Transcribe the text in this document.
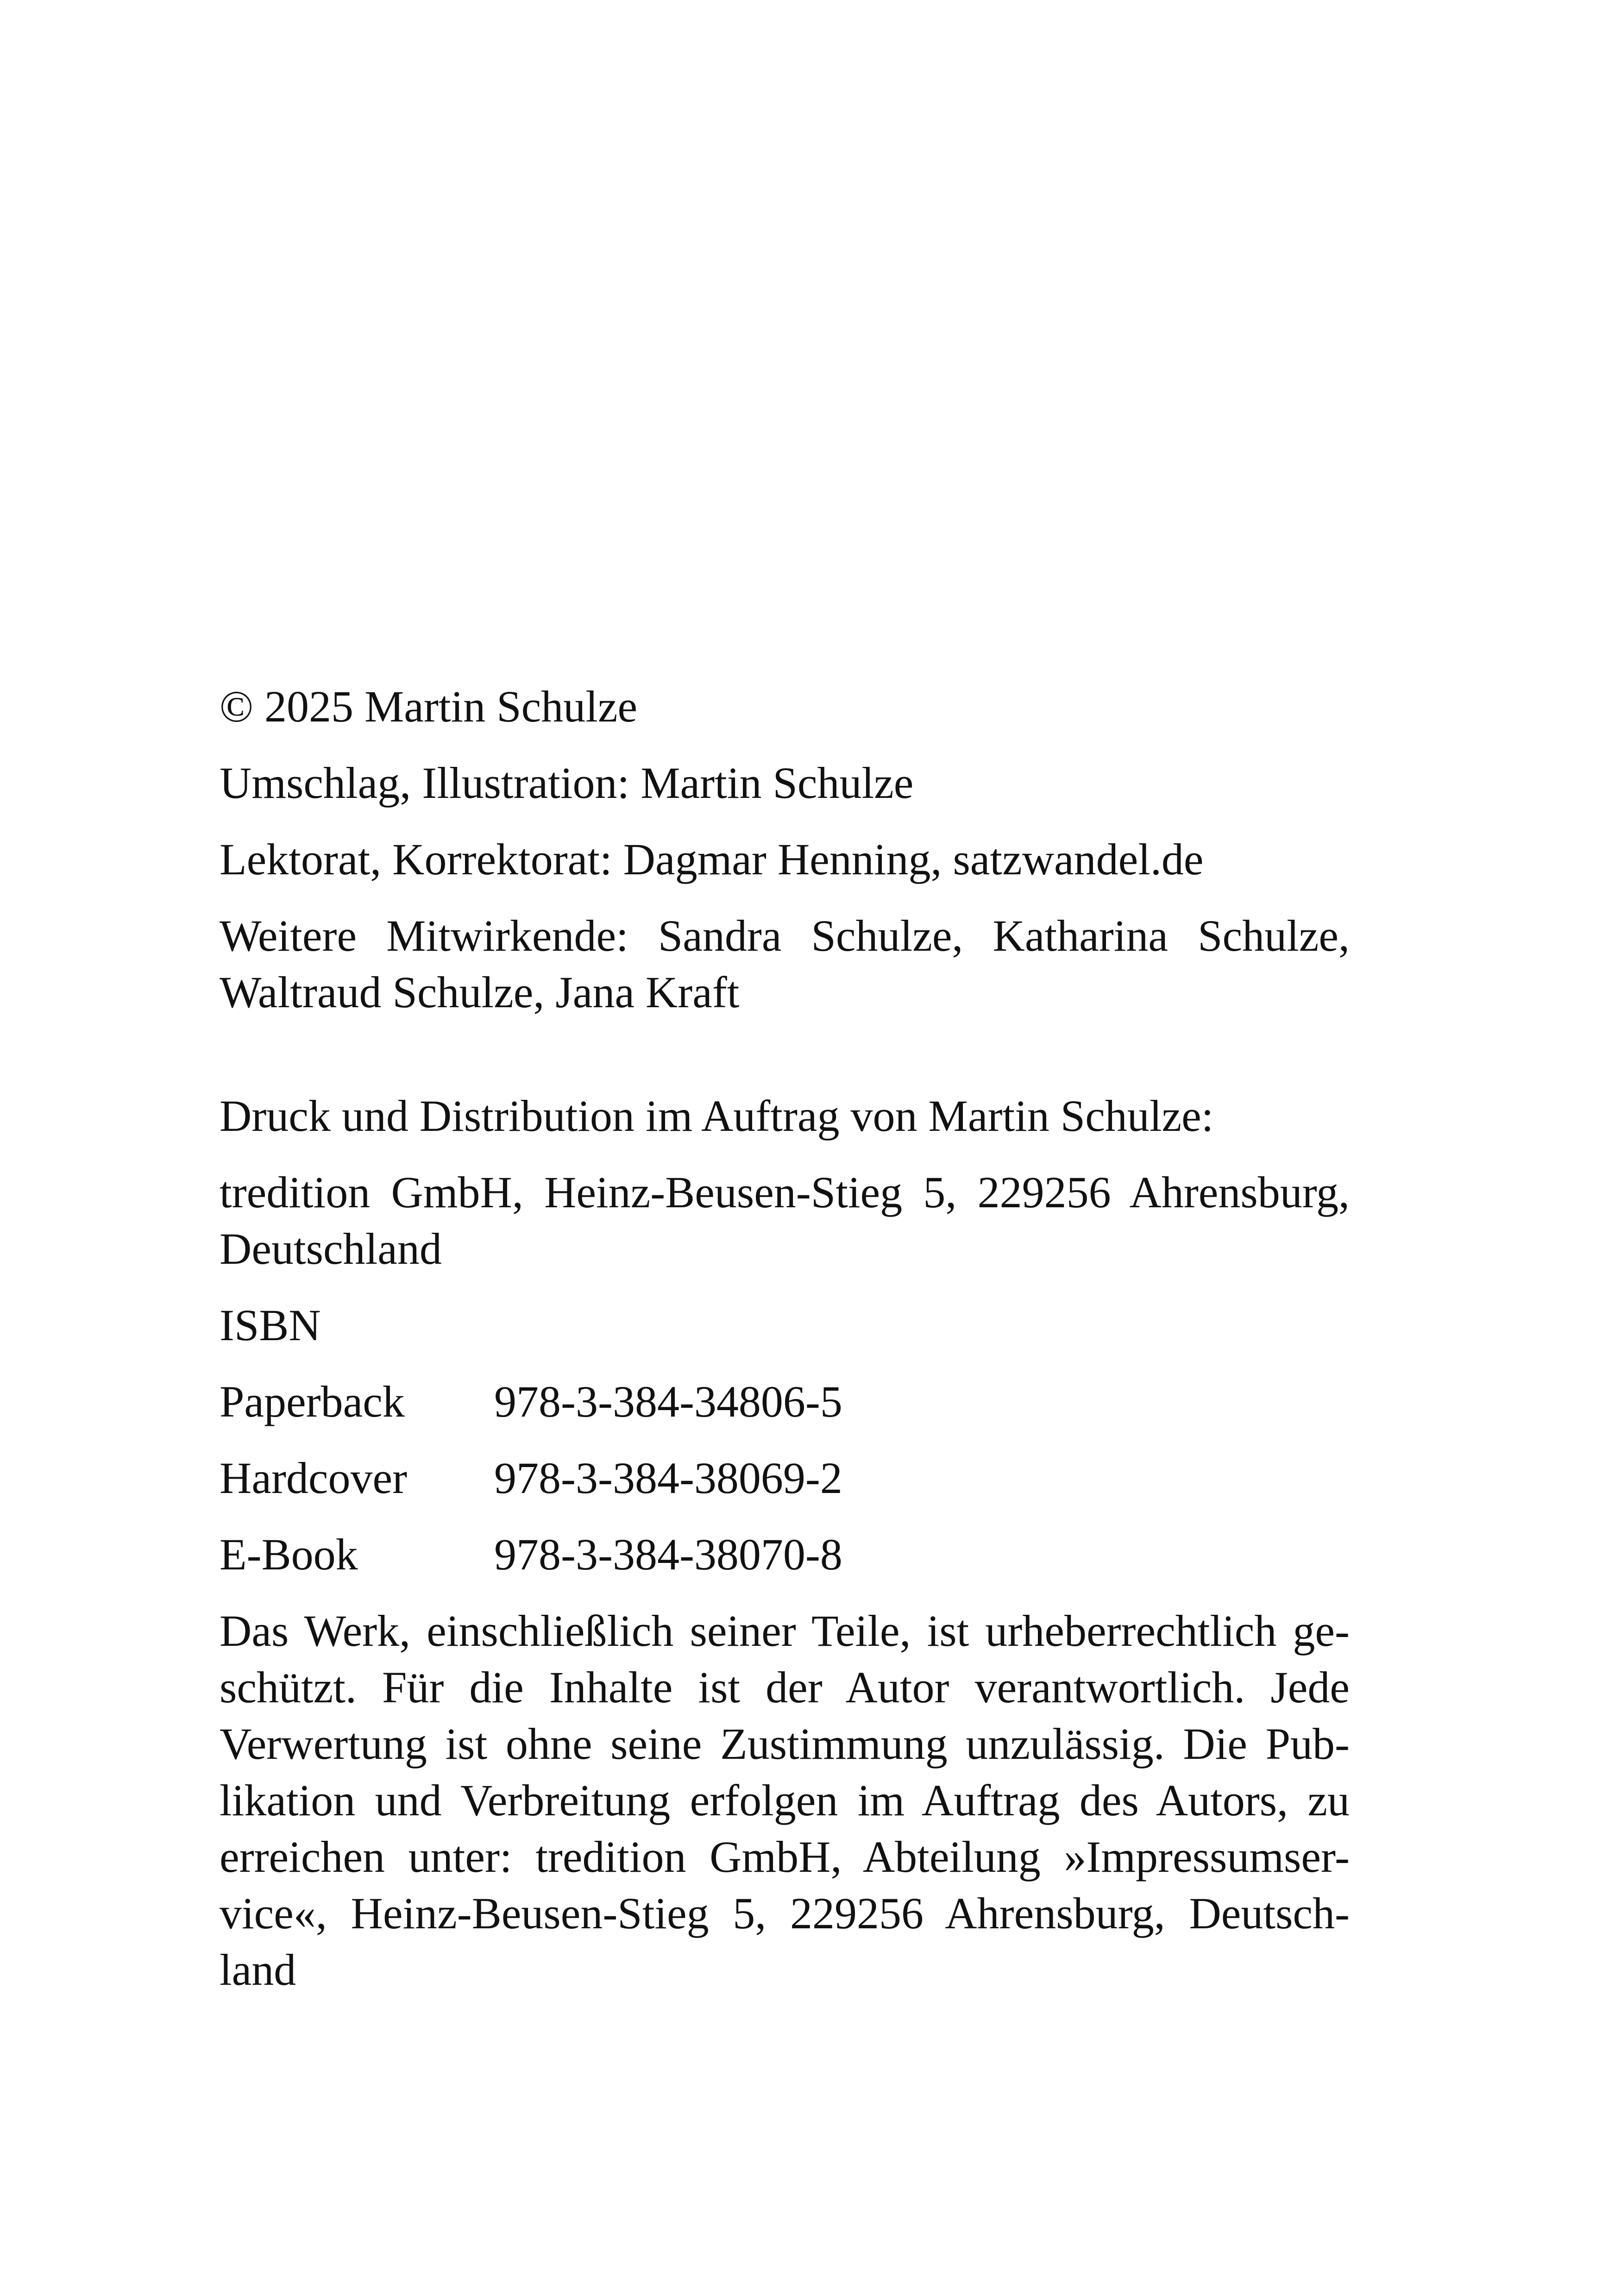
© 2025 Martin Schulze

Umschlag, Illustration: Martin Schulze

Lektorat, Korrektorat: Dagmar Henning, satzwandel.de

Weitere Mitwirkende: Sandra Schulze, Katharina Schulze,

Waltraud Schulze, Jana Kraft

Druck und Distribution im Auftrag von Martin Schulze:

tredition GmbH, Heinz-Beusen-Stieg 5, 229256 Ahrensburg,

Deutschland

ISBN

Paperback	978-3-384-34806-5
Hardcover	978-3-384-38069-2
E-Book	978-3-384-38070-8

Das Werk, einschließlich seiner Teile, ist urheberrechtlich ge-

schützt. Für die Inhalte ist der Autor verantwortlich. Jede

Verwertung ist ohne seine Zustimmung unzulässig. Die Pub-

likation und Verbreitung erfolgen im Auftrag des Autors, zu

erreichen unter: tredition GmbH, Abteilung »Impressumser-

vice«, Heinz-Beusen-Stieg 5, 229256 Ahrensburg, Deutsch-

land
